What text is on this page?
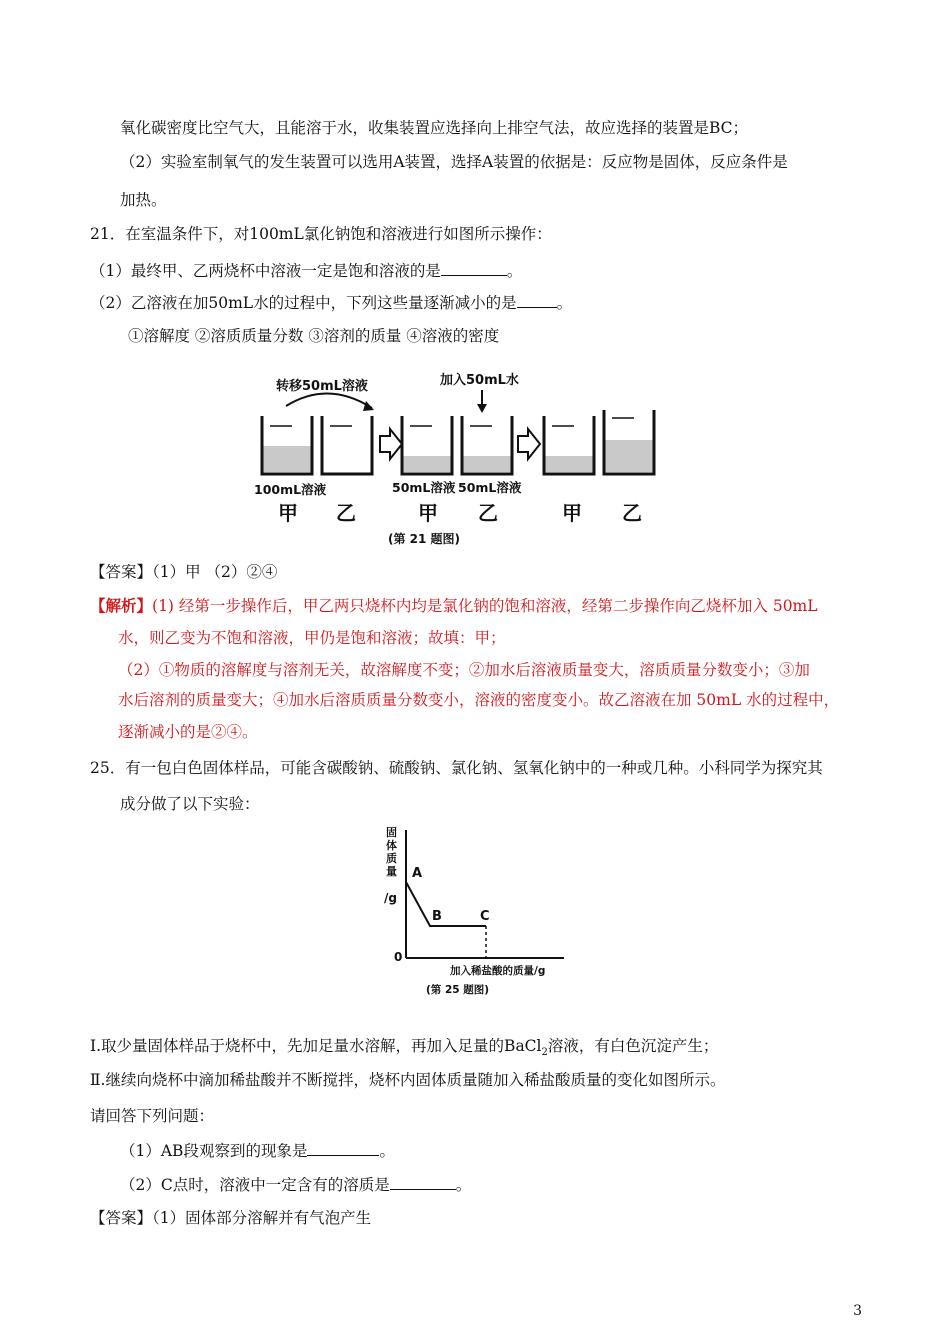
氧化碳密度比空气大，且能溶于水，收集装置应选择向上排空气法，故应选择的装置是BC；
（2）实验室制氧气的发生装置可以选用A装置，选择A装置的依据是：反应物是固体，反应条件是
加热。
21．在室温条件下，对100mL氯化钠饱和溶液进行如图所示操作：
（1）最终甲、乙两烧杯中溶液一定是饱和溶液的是	。
（2）乙溶液在加50mL水的过程中，下列这些量逐渐减小的是	。
①溶解度 ②溶质质量分数 ③溶剂的质量 ④溶液的密度
转移50mL溶液	加入50mL水
100mL溶液	50mL溶液 50mL溶液
甲 乙	甲 乙	甲 乙
(第 21 题图)
【答案】（1）甲 （2）②④
【解析】(1) 经第一步操作后，甲乙两只烧杯内均是氯化钠的饱和溶液，经第二步操作向乙烧杯加入 50mL
水，则乙变为不饱和溶液，甲仍是饱和溶液；故填：甲；
（2）①物质的溶解度与溶剂无关，故溶解度不变；②加水后溶液质量变大，溶质质量分数变小；③加
水后溶剂的质量变大；④加水后溶质质量分数变小，溶液的密度变小。故乙溶液在加 50mL 水的过程中，
逐渐减小的是②④。
25．有一包白色固体样品，可能含碳酸钠、硫酸钠、氯化钠、氢氧化钠中的一种或几种。小科同学为探究其
成分做了以下实验：
固
体
质
量
/g
A
B	C
0
加入稀盐酸的质量/g
(第 25 题图)
Ⅰ.取少量固体样品于烧杯中，先加足量水溶解，再加入足量的BaCl$_2$溶液，有白色沉淀产生；
Ⅱ.继续向烧杯中滴加稀盐酸并不断搅拌，烧杯内固体质量随加入稀盐酸质量的变化如图所示。
请回答下列问题：
（1）AB段观察到的现象是	。
（2）C点时，溶液中一定含有的溶质是	。
【答案】（1）固体部分溶解并有气泡产生
3
